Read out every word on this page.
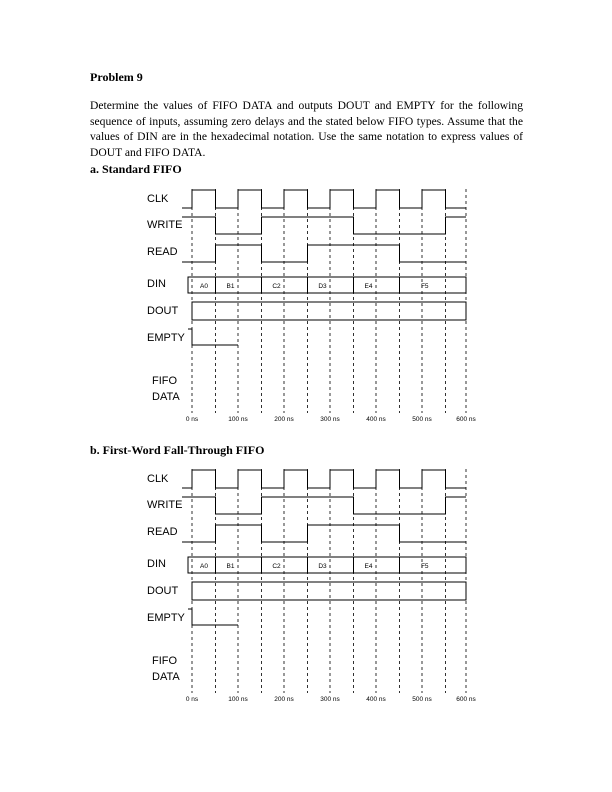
Problem 9
Determine the values of FIFO DATA and outputs DOUT and EMPTY for the following sequence of inputs, assuming zero delays and the stated below FIFO types. Assume that the values of DIN are in the hexadecimal notation. Use the same notation to express values of DOUT and FIFO DATA.
a. Standard FIFO
CLK
WRITE
READ
DIN
DOUT
EMPTY
FIFO
DATA
A0	B1	C2	D3	E4	F5
0 ns	100 ns	200 ns	300 ns	400 ns	500 ns	600 ns
b. First-Word Fall-Through FIFO
CLK
WRITE
READ
DIN
DOUT
EMPTY
FIFO
DATA
A0	B1	C2	D3	E4	F5
0 ns	100 ns	200 ns	300 ns	400 ns	500 ns	600 ns
